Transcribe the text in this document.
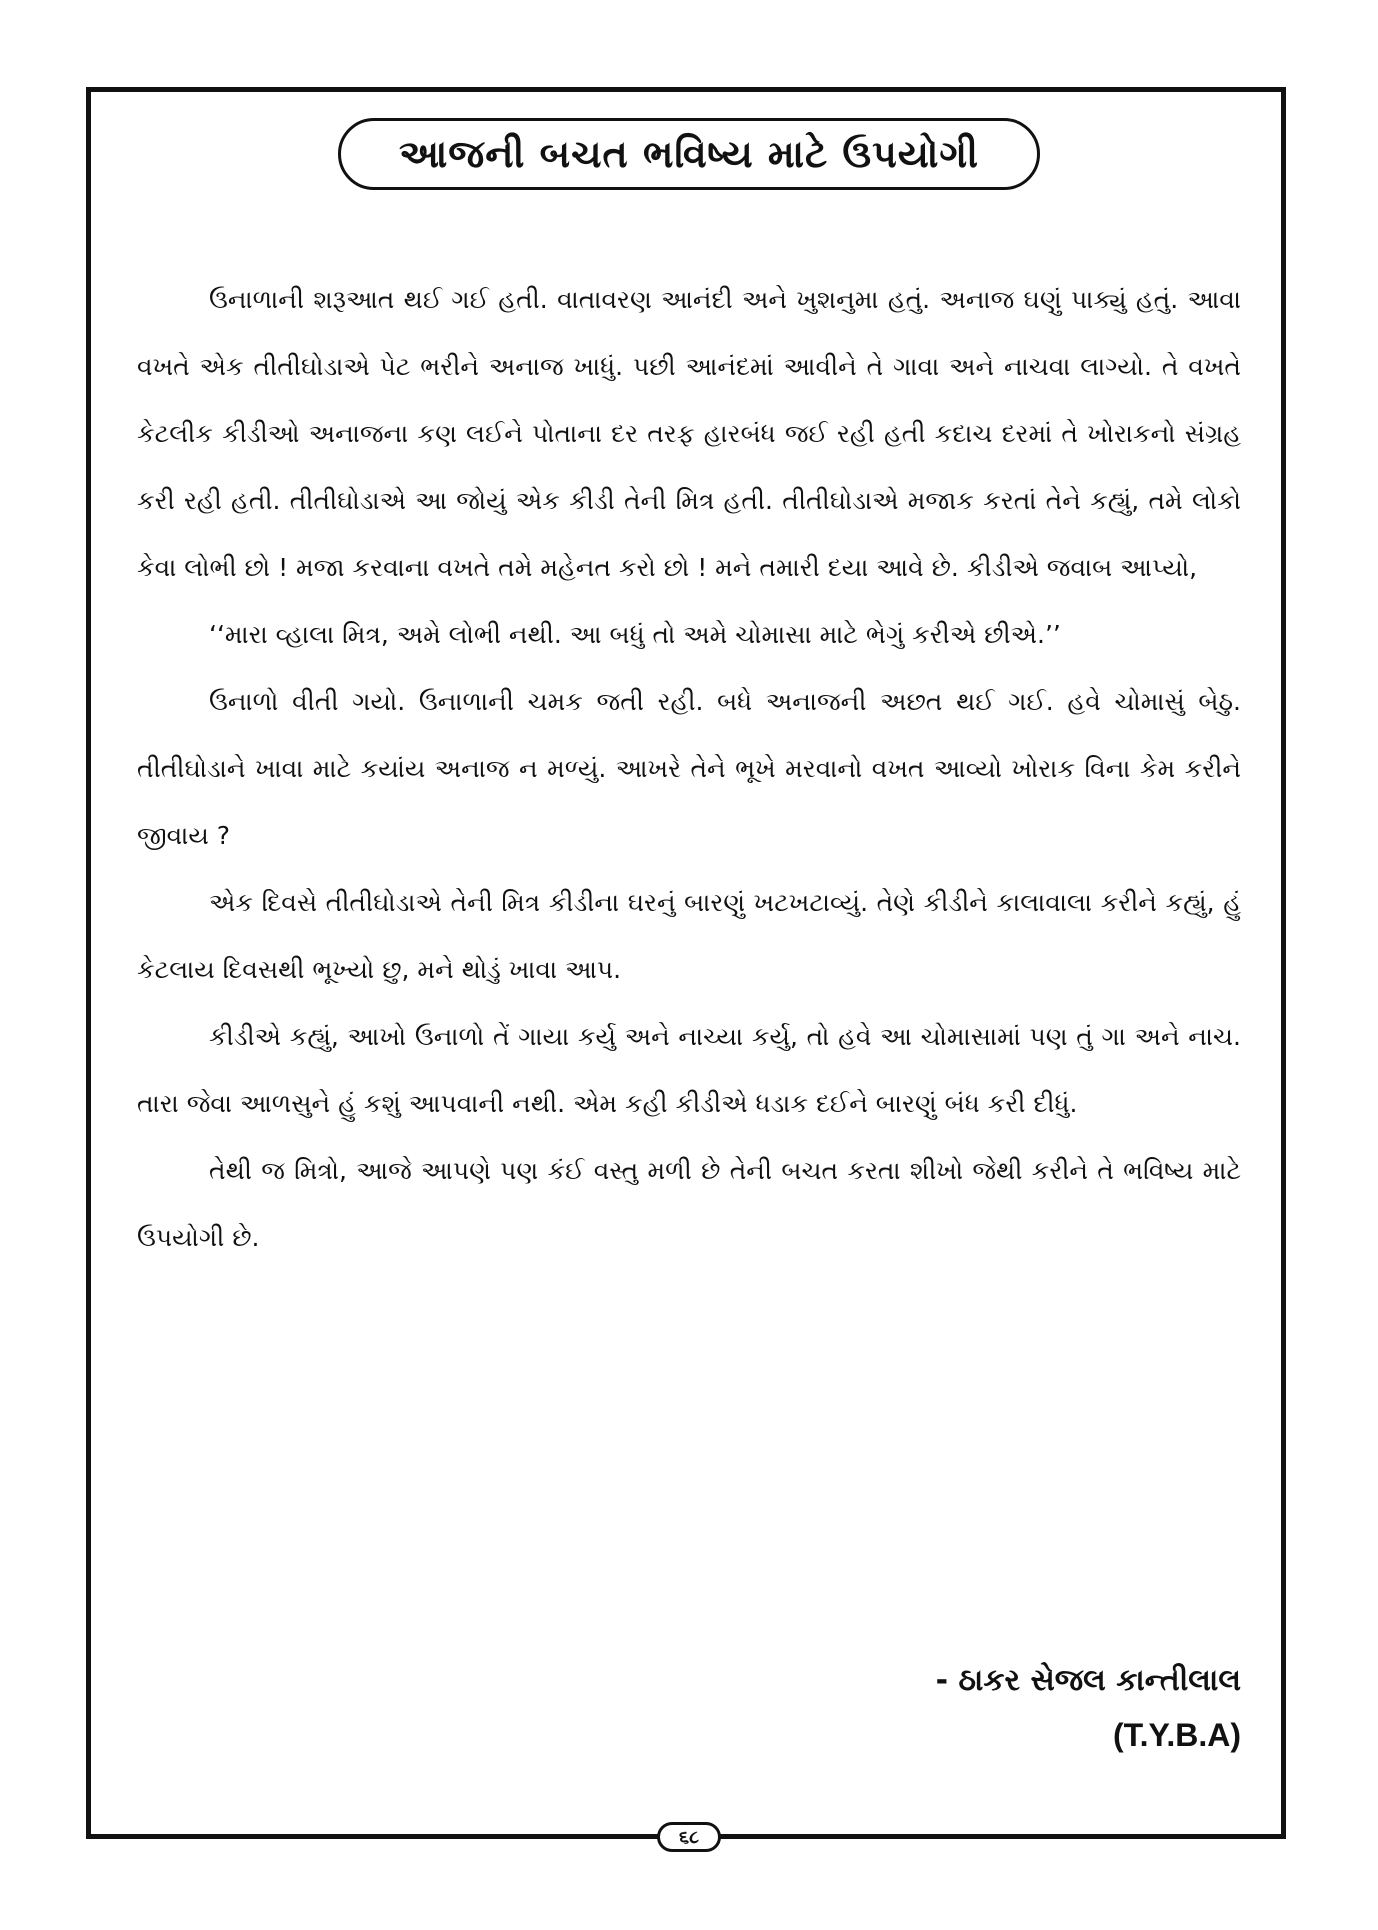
આજની બચત ભવિષ્ય માટે ઉપયોગી

ઉનાળાની શરૂઆત થઈ ગઈ હતી. વાતાવરણ આનંદી અને ખુશનુમા હતું. અનાજ ઘણું પાક્યું હતું. આવા વખતે એક તીતીઘોડાએ પેટ ભરીને અનાજ ખાધું. પછી આનંદમાં આવીને તે ગાવા અને નાચવા લાગ્યો. તે વખતે કેટલીક કીડીઓ અનાજના કણ લઈને પોતાના દર તરફ હારબંધ જઈ રહી હતી કદાચ દરમાં તે ખોરાકનો સંગ્રહ કરી રહી હતી. તીતીઘોડાએ આ જોયું એક કીડી તેની મિત્ર હતી. તીતીઘોડાએ મજાક કરતાં તેને કહ્યું, તમે લોકો કેવા લોભી છો ! મજા કરવાના વખતે તમે મહેનત કરો છો ! મને તમારી દયા આવે છે. કીડીએ જવાબ આપ્યો,

‘‘મારા વ્હાલા મિત્ર, અમે લોભી નથી. આ બધું તો અમે ચોમાસા માટે ભેગું કરીએ છીએ.’’

ઉનાળો વીતી ગયો. ઉનાળાની ચમક જતી રહી. બધે અનાજની અછત થઈ ગઈ. હવે ચોમાસું બેઠુ. તીતીઘોડાને ખાવા માટે કયાંય અનાજ ન મળ્યું. આખરે તેને ભૂખે મરવાનો વખત આવ્યો ખોરાક વિના કેમ કરીને જીવાય ?

એક દિવસે તીતીઘોડાએ તેની મિત્ર કીડીના ઘરનું બારણું ખટખટાવ્યું. તેણે કીડીને કાલાવાલા કરીને કહ્યું, હું કેટલાય દિવસથી ભૂખ્યો છુ, મને થોડું ખાવા આપ.

કીડીએ કહ્યું, આખો ઉનાળો તેં ગાયા કર્યુ અને નાચ્યા કર્યુ, તો હવે આ ચોમાસામાં પણ તું ગા અને નાચ. તારા જેવા આળસુને હું કશું આપવાની નથી. એમ કહી કીડીએ ધડાક દઈને બારણું બંધ કરી દીધું.

તેથી જ મિત્રો, આજે આપણે પણ કંઈ વસ્તુ મળી છે તેની બચત કરતા શીખો જેથી કરીને તે ભવિષ્ય માટે ઉપયોગી છે.

- ઠાકર સેજલ કાન્તીલાલ
(T.Y.B.A)
૬૮
